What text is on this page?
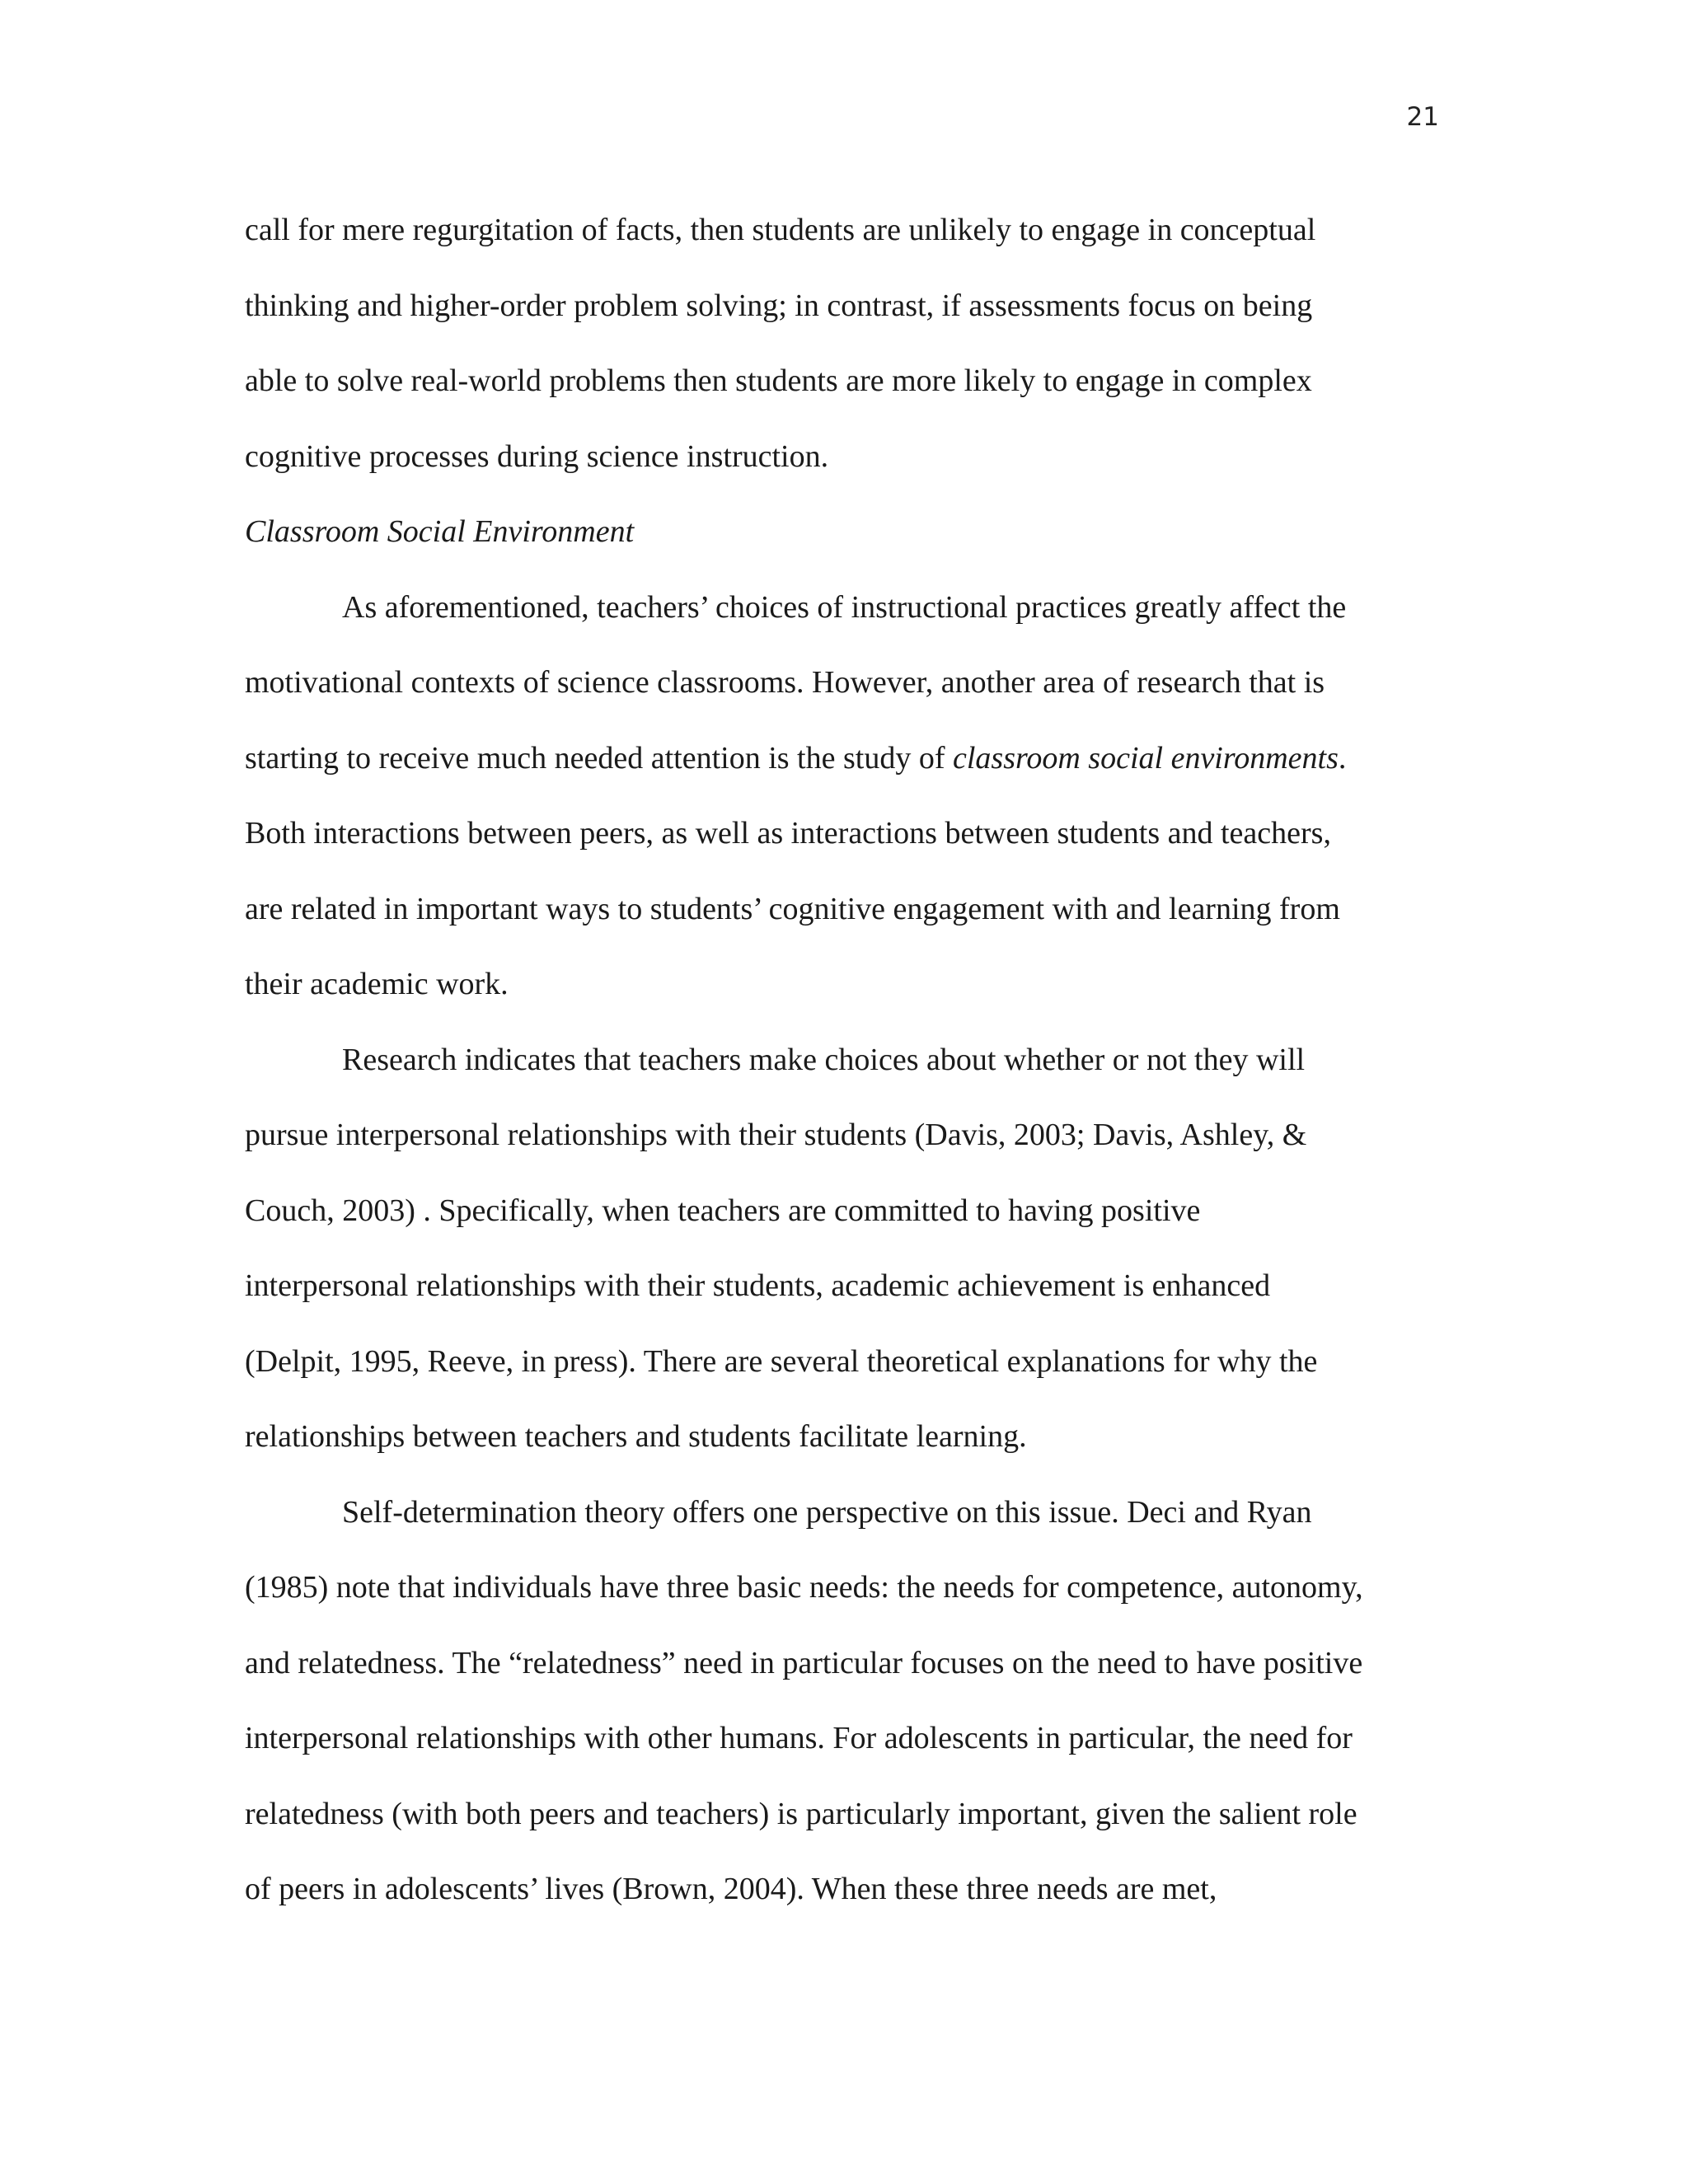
21
call for mere regurgitation of facts, then students are unlikely to engage in conceptual
thinking and higher-order problem solving; in contrast, if assessments focus on being
able to solve real-world problems then students are more likely to engage in complex
cognitive processes during science instruction.
Classroom Social Environment
As aforementioned, teachers’ choices of instructional practices greatly affect the
motivational contexts of science classrooms. However, another area of research that is
starting to receive much needed attention is the study of classroom social environments.
Both interactions between peers, as well as interactions between students and teachers,
are related in important ways to students’ cognitive engagement with and learning from
their academic work.
Research indicates that teachers make choices about whether or not they will
pursue interpersonal relationships with their students (Davis, 2003; Davis, Ashley, &
Couch, 2003) . Specifically, when teachers are committed to having positive
interpersonal relationships with their students, academic achievement is enhanced
(Delpit, 1995, Reeve, in press). There are several theoretical explanations for why the
relationships between teachers and students facilitate learning.
Self-determination theory offers one perspective on this issue. Deci and Ryan
(1985) note that individuals have three basic needs: the needs for competence, autonomy,
and relatedness. The “relatedness” need in particular focuses on the need to have positive
interpersonal relationships with other humans. For adolescents in particular, the need for
relatedness (with both peers and teachers) is particularly important, given the salient role
of peers in adolescents’ lives (Brown, 2004). When these three needs are met,
